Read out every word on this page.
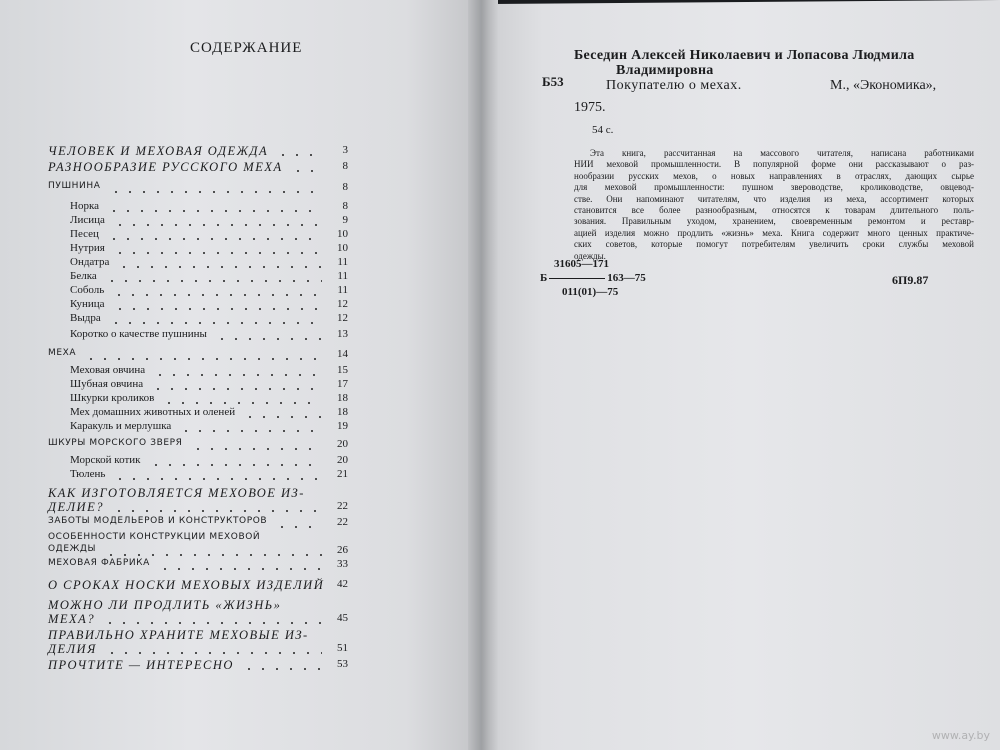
СОДЕРЖАНИЕ
ЧЕЛОВЕК И МЕХОВАЯ ОДЕЖДА	3
РАЗНООБРАЗИЕ РУССКОГО МЕХА	8
ПУШНИНА	8
Норка	8
Лисица	9
Песец	10
Нутрия	10
Ондатра	11
Белка	11
Соболь	11
Куница	12
Выдра	12
Коротко о качестве пушнины	13
МЕХА	14
Меховая овчина	15
Шубная овчина	17
Шкурки кроликов	18
Мех домашних животных и оленей	18
Каракуль и мерлушка	19
ШКУРЫ МОРСКОГО ЗВЕРЯ	20
Морской котик	20
Тюлень	21
КАК ИЗГОТОВЛЯЕТСЯ МЕХОВОЕ ИЗ-
ДЕЛИЕ?	22
ЗАБОТЫ МОДЕЛЬЕРОВ И КОНСТРУКТОРОВ	22
ОСОБЕННОСТИ КОНСТРУКЦИИ МЕХОВОЙ
ОДЕЖДЫ	26
МЕХОВАЯ ФАБРИКА	33
О СРОКАХ НОСКИ МЕХОВЫХ ИЗДЕЛИЙ 42
МОЖНО ЛИ ПРОДЛИТЬ «ЖИЗНЬ»
МЕХА?	45
ПРАВИЛЬНО ХРАНИТЕ МЕХОВЫЕ ИЗ-
ДЕЛИЯ	51
ПРОЧТИТЕ — ИНТЕРЕСНО	53
Беседин Алексей Николаевич и Лопасова Людмила
Б53
Владимировна
Покупателю о мехах.	М., «Экономика»,
1975.
54 с.
Эта книга, рассчитанная на массового читателя, написана работниками
НИИ меховой промышленности. В популярной форме они рассказывают о раз-
нообразии русских мехов, о новых направлениях в отраслях, дающих сырье
для меховой промышленности: пушном звероводстве, кролиководстве, овцевод-
стве. Они напоминают читателям, что изделия из меха, ассортимент которых
становится все более разнообразным, относятся к товарам длительного поль-
зования. Правильным уходом, хранением, своевременным ремонтом и реставр-
ацией изделия можно продлить «жизнь» меха. Книга содержит много ценных практиче-
ских советов, которые помогут потребителям увеличить сроки службы меховой
одежды.
31605—171
Б	163—75
011(01)—75
6П9.87
www.ay.by
